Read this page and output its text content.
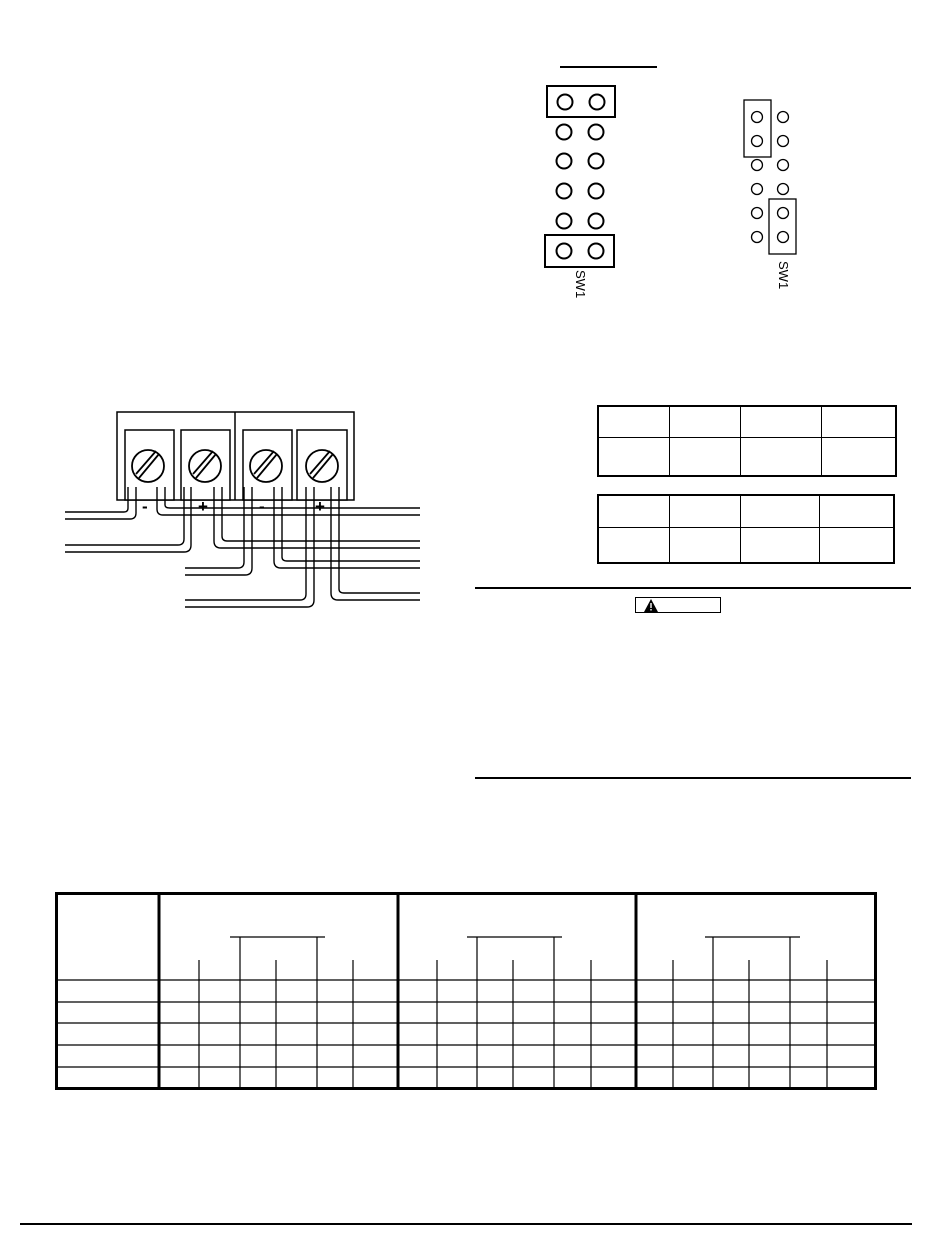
SW1	SW1
-	+	-	+
